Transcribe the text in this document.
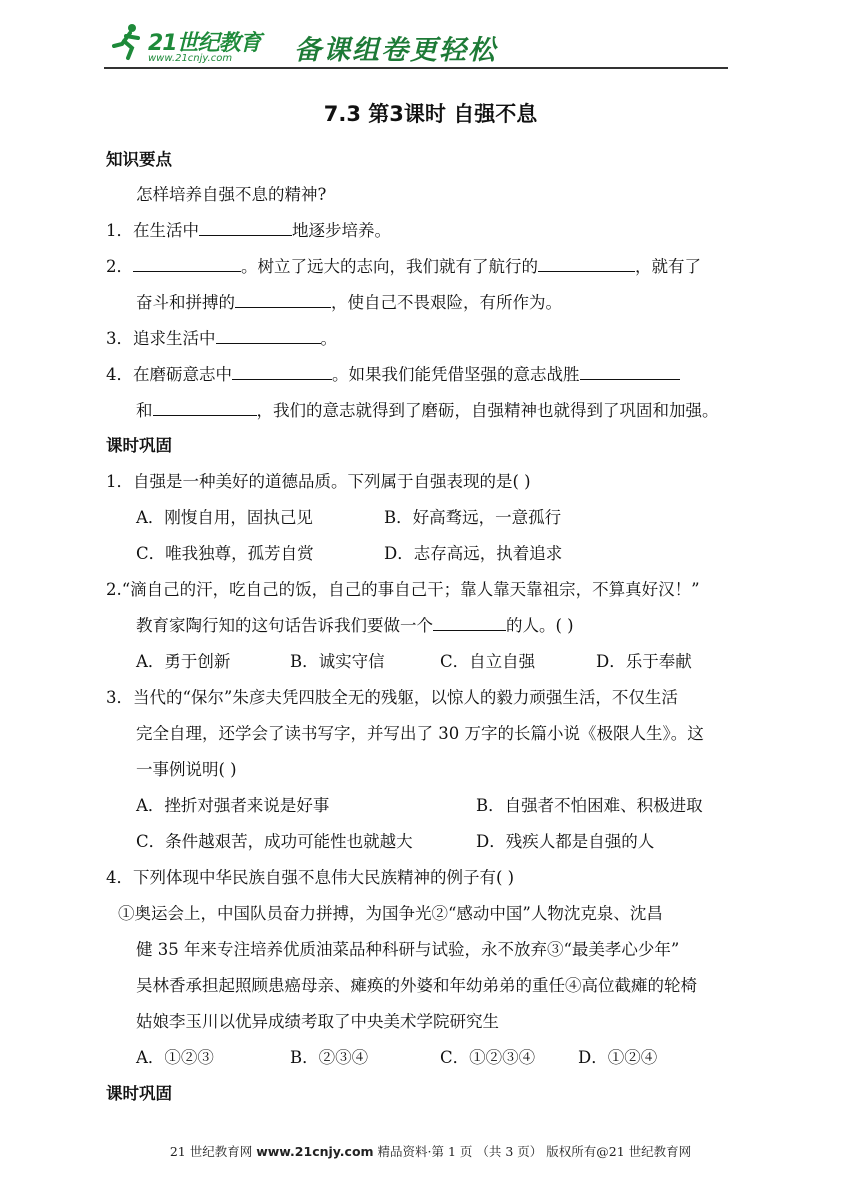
21世纪教育
www.21cnjy.com 备课组卷更轻松
7.3 第3课时 自强不息
知识要点
怎样培养自强不息的精神?
1．在生活中	地逐步培养。
2．	。树立了远大的志向，我们就有了航行的	，就有了
奋斗和拼搏的	，使自己不畏艰险，有所作为。
3．追求生活中	。
4．在磨砺意志中	。如果我们能凭借坚强的意志战胜
和	，我们的意志就得到了磨砺，自强精神也就得到了巩固和加强。
课时巩固
1．自强是一种美好的道德品质。下列属于自强表现的是( )
A．刚愎自用，固执己见	B．好高骛远，一意孤行
C．唯我独尊，孤芳自赏	D．志存高远，执着追求
2.“滴自己的汗，吃自己的饭，自己的事自己干；靠人靠天靠祖宗，不算真好汉！”
教育家陶行知的这句话告诉我们要做一个	的人。( )
A．勇于创新	B．诚实守信	C．自立自强	D．乐于奉献
3．当代的“保尔”朱彦夫凭四肢全无的残躯，以惊人的毅力顽强生活，不仅生活
完全自理，还学会了读书写字，并写出了 30 万字的长篇小说《极限人生》。这
一事例说明( )
A．挫折对强者来说是好事	B．自强者不怕困难、积极进取
C．条件越艰苦，成功可能性也就越大	D．残疾人都是自强的人
4．下列体现中华民族自强不息伟大民族精神的例子有( )
①奥运会上，中国队员奋力拼搏，为国争光②“感动中国”人物沈克泉、沈昌
健 35 年来专注培养优质油菜品种科研与试验，永不放弃③“最美孝心少年”
吴林香承担起照顾患癌母亲、瘫痪的外婆和年幼弟弟的重任④高位截瘫的轮椅
姑娘李玉川以优异成绩考取了中央美术学院研究生
A．①②③	B．②③④	C．①②③④	D．①②④
课时巩固
21 世纪教育网 www.21cnjy.com 精品资料·第 1 页 （共 3 页） 版权所有@21 世纪教育网
